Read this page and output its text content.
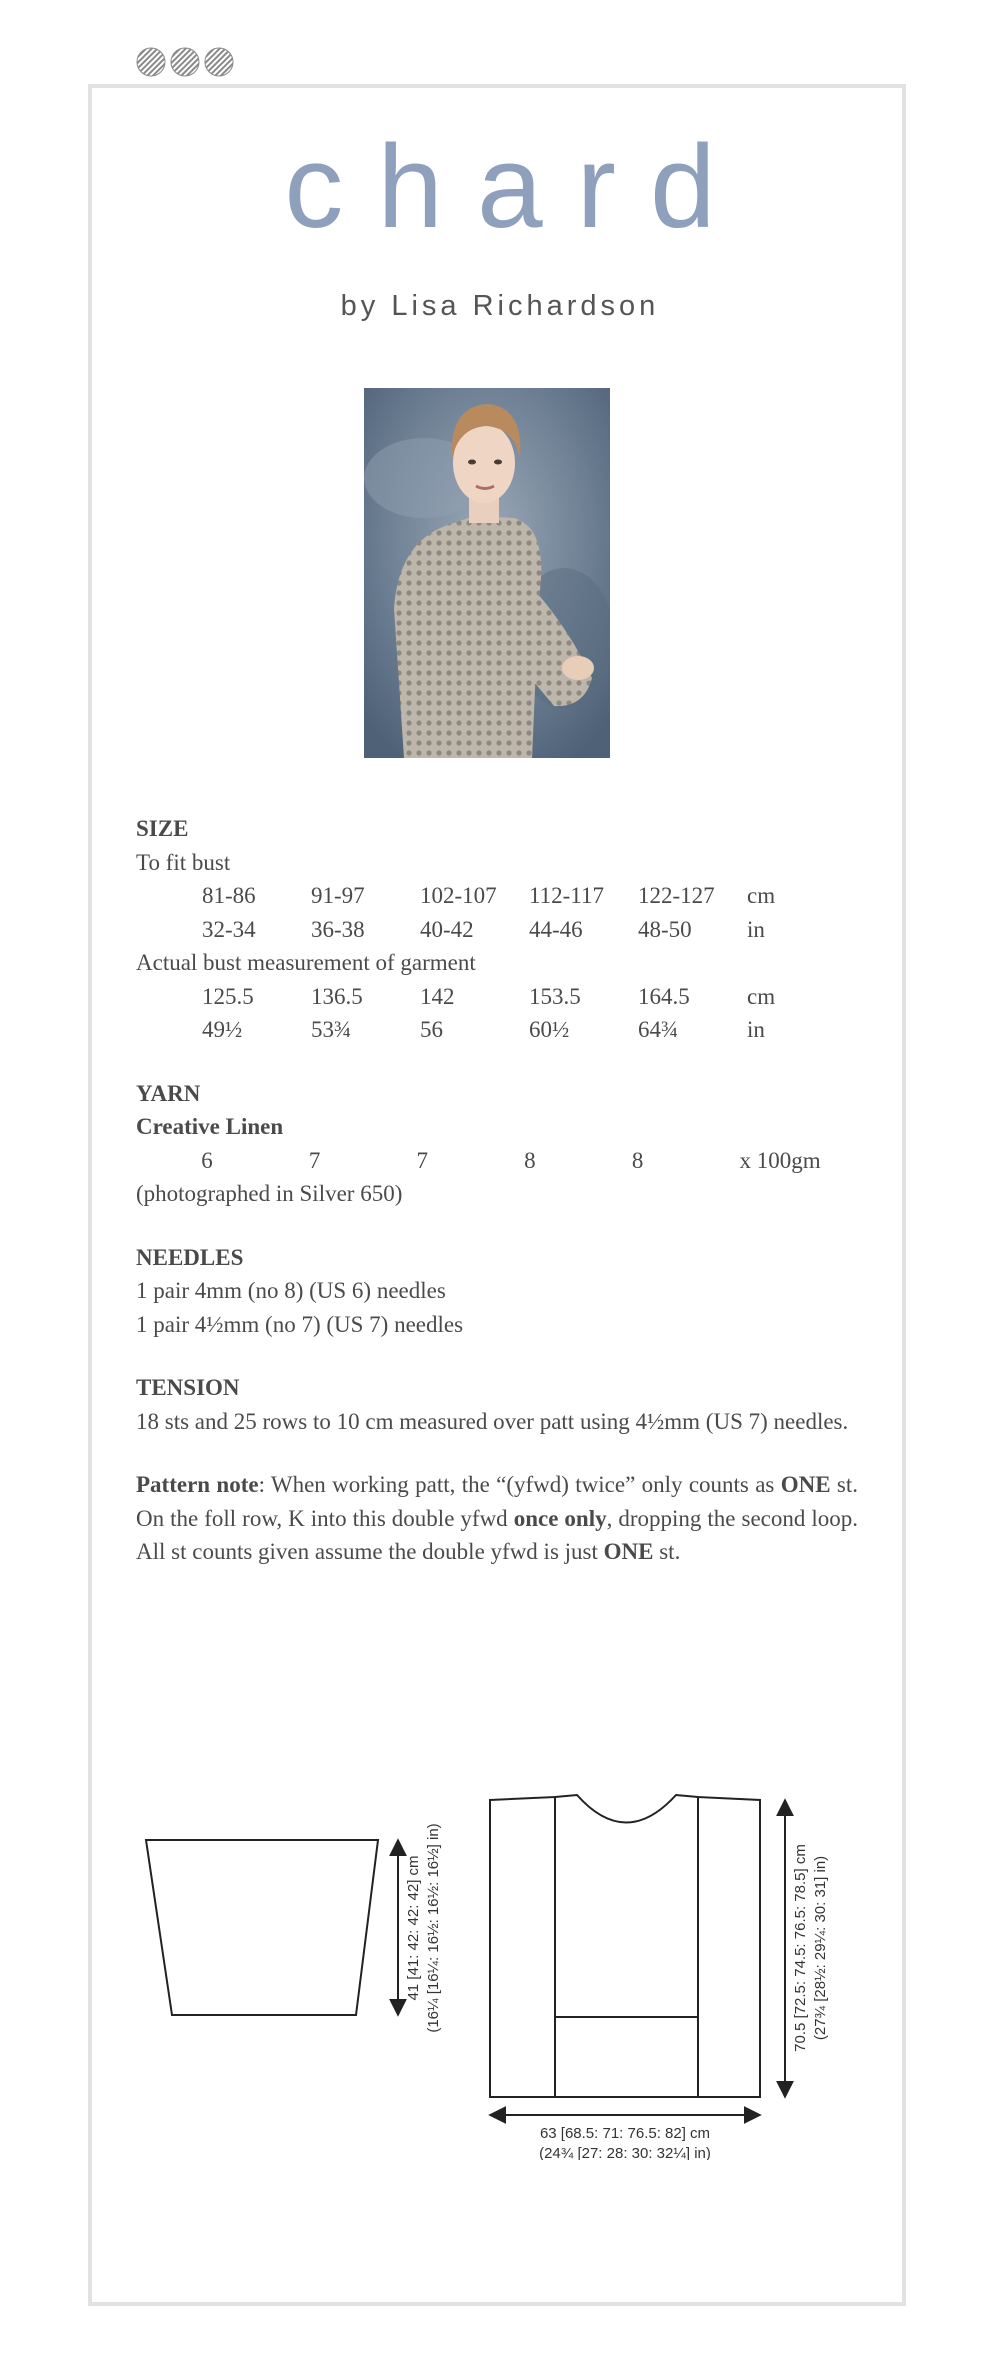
chard
by Lisa Richardson
SIZE
To fit bust
81-86	91-97	102-107	112-117	122-127	cm
32-34	36-38	40-42	44-46	48-50	in
Actual bust measurement of garment
125.5	136.5	142	153.5	164.5	cm
49½	53¾	56	60½	64¾	in
YARN
Creative Linen
6	7	7	8	8	x 100gm
(photographed in Silver 650)
NEEDLES
1 pair 4mm (no 8) (US 6) needles
1 pair 4½mm (no 7) (US 7) needles
TENSION
18 sts and 25 rows to 10 cm measured over patt using 4½mm (US 7) needles.
Pattern note: When working patt, the “(yfwd) twice” only counts as ONE st. On the foll row, K into this double yfwd once only, dropping the second loop. All st counts given assume the double yfwd is just ONE st.
41 [41: 42: 42: 42] cm (16¼ [16¼: 16½: 16½: 16½] in)	70.5 [72.5: 74.5: 76.5: 78.5] cm (27¾ [28½: 29¼: 30: 31] in)
63 [68.5: 71: 76.5: 82] cm
(24¾ [27: 28: 30: 32¼] in)
